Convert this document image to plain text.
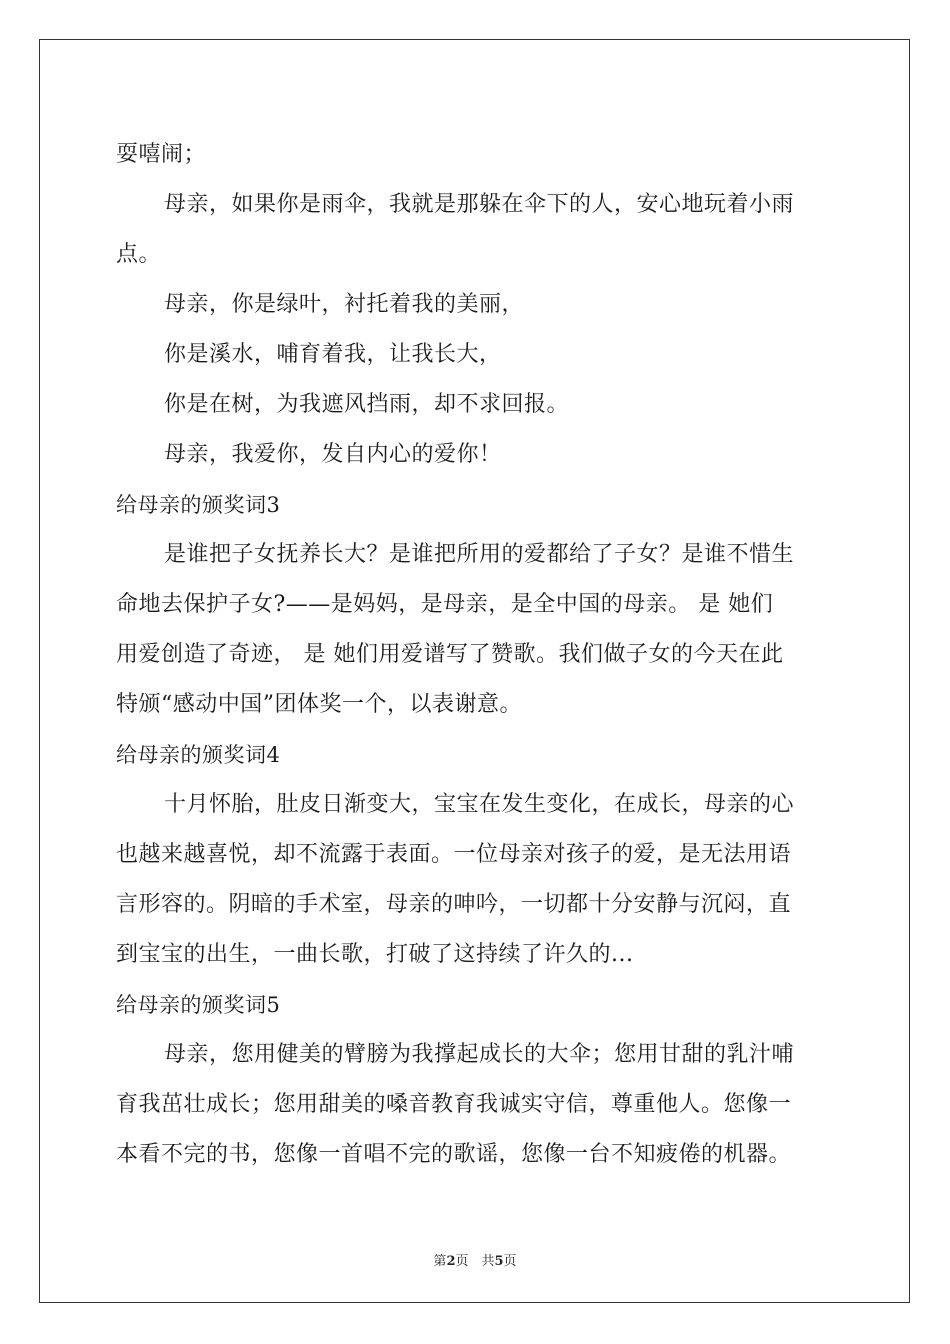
耍嘻闹；
母亲，如果你是雨伞，我就是那躲在伞下的人，安心地玩着小雨
点。
母亲，你是绿叶，衬托着我的美丽，
你是溪水，哺育着我，让我长大，
你是在树，为我遮风挡雨，却不求回报。
母亲，我爱你，发自内心的爱你！
给母亲的颁奖词3
是谁把子女抚养长大？是谁把所用的爱都给了子女？是谁不惜生
命地去保护子女?——是妈妈，是母亲，是全中国的母亲。 是 她们
用爱创造了奇迹， 是 她们用爱谱写了赞歌。我们做子女的今天在此
特颁“感动中国”团体奖一个，以表谢意。
给母亲的颁奖词4
十月怀胎，肚皮日渐变大，宝宝在发生变化，在成长，母亲的心
也越来越喜悦，却不流露于表面。一位母亲对孩子的爱，是无法用语
言形容的。阴暗的手术室，母亲的呻吟，一切都十分安静与沉闷，直
到宝宝的出生，一曲长歌，打破了这持续了许久的...
给母亲的颁奖词5
母亲，您用健美的臂膀为我撑起成长的大伞；您用甘甜的乳汁哺
育我茁壮成长；您用甜美的嗓音教育我诚实守信，尊重他人。您像一
本看不完的书，您像一首唱不完的歌谣，您像一台不知疲倦的机器。
第2页　共5页
